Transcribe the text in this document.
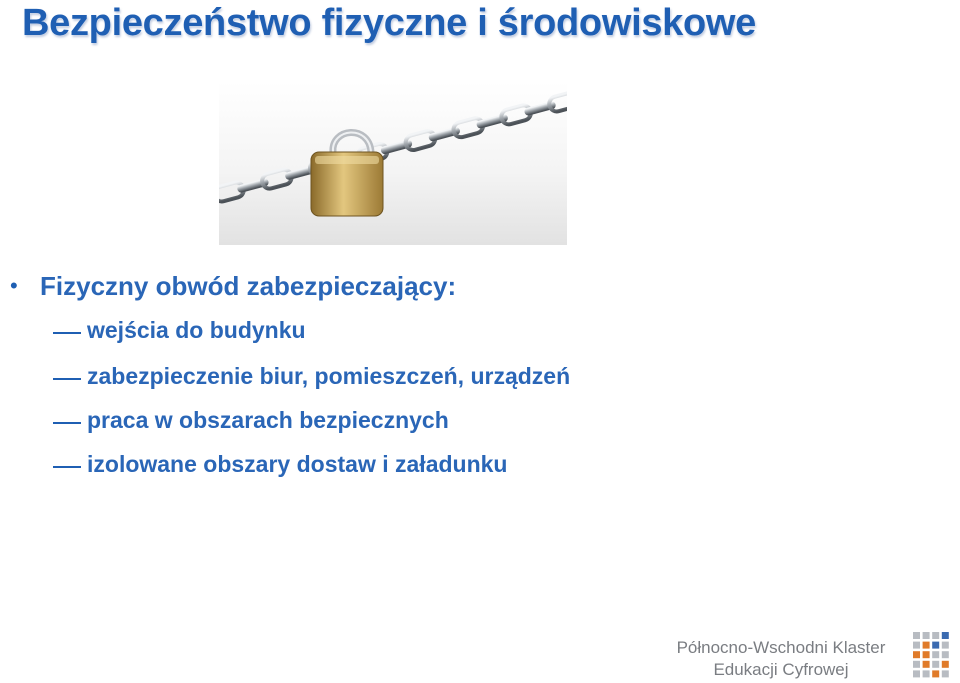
Bezpieczeństwo fizyczne i środowiskowe
• Fizyczny obwód zabezpieczający:
wejścia do budynku
zabezpieczenie biur, pomieszczeń, urządzeń
praca w obszarach bezpiecznych
izolowane obszary dostaw i załadunku
Północno-Wschodni Klaster
Edukacji Cyfrowej
